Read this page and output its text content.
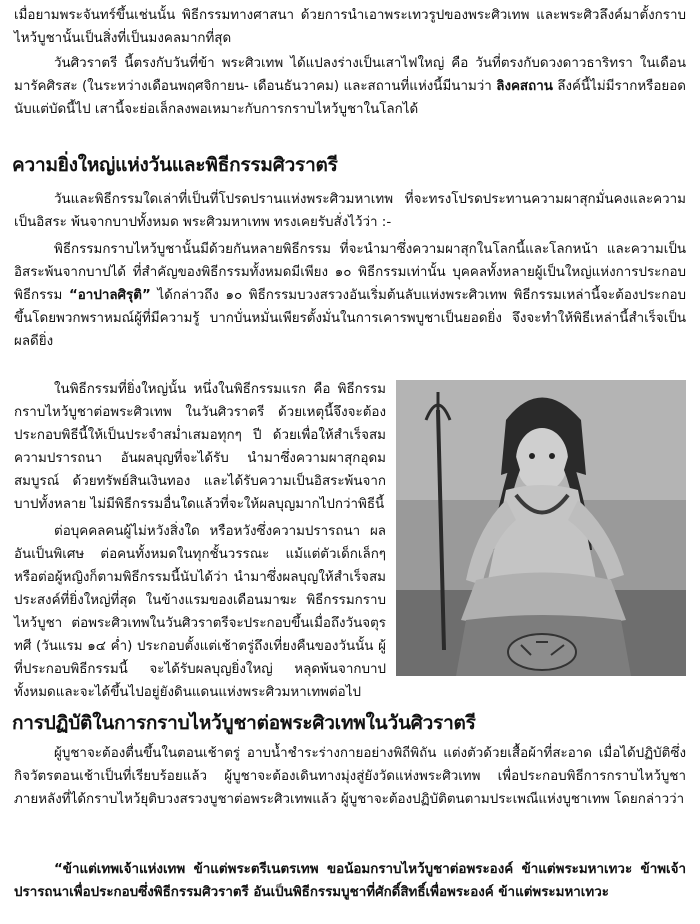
เมื่อยามพระจันทร์ขึ้นเช่นนั้น พิธีกรรมทางศาสนา ด้วยการนำเอาพระเทวรูปของพระศิวเทพ และพระศิวลึงค์มาตั้งกราบไหว้บูชานั้นเป็นสิ่งที่เป็นมงคลมากที่สุด

วันศิวราตรี นี้ตรงกับวันที่ข้า พระศิวเทพ ได้แปลงร่างเป็นเสาไฟใหญ่ คือ วันที่ตรงกับดวงดาวธาริทรา ในเดือนมารัคศิรสะ (ในระหว่างเดือนพฤศจิกายน- เดือนธันวาคม) และสถานที่แห่งนี้มีนามว่า ลิงคสถาน ลึงค์นี้ไม่มีรากหรือยอด นับแต่บัดนี้ไป เสานี้จะย่อเล็กลงพอเหมาะกับการกราบไหว้บูชาในโลกได้

ความยิ่งใหญ่แห่งวันและพิธีกรรมศิวราตรี

วันและพิธีกรรมใดเล่าที่เป็นที่โปรดปรานแห่งพระศิวมหาเทพ ที่จะทรงโปรดประทานความผาสุกมั่นคงและความเป็นอิสระ พ้นจากบาปทั้งหมด พระศิวมหาเทพ ทรงเคยรับสั่งไว้ว่า :-

พิธีกรรมกราบไหว้บูชานั้นมีด้วยกันหลายพิธีกรรม ที่จะนำมาซึ่งความผาสุกในโลกนี้และโลกหน้า และความเป็นอิสระพ้นจากบาปได้ ที่สำคัญของพิธีกรรมทั้งหมดมีเพียง ๑๐ พิธีกรรมเท่านั้น บุคคลทั้งหลายผู้เป็นใหญ่แห่งการประกอบพิธีกรรม “อาปาลศิรุติ” ได้กล่าวถึง ๑๐ พิธีกรรมบวงสรวงอันเริ่มต้นลับแห่งพระศิวเทพ พิธีกรรมเหล่านี้จะต้องประกอบขึ้นโดยพวกพราหมณ์ผู้ที่มีความรู้ บากบั่นหมั่นเพียรตั้งมั่นในการเคารพบูชาเป็นยอดยิ่ง จึงจะทำให้พิธีเหล่านี้สำเร็จเป็นผลดียิ่ง

ในพิธีกรรมที่ยิ่งใหญ่นั้น หนึ่งในพิธีกรรมแรก คือ พิธีกรรมกราบไหว้บูชาต่อพระศิวเทพ ในวันศิวราตรี ด้วยเหตุนี้จึงจะต้องประกอบพิธีนี้ให้เป็นประจำสม่ำเสมอทุกๆ ปี ด้วยเพื่อให้สำเร็จสมความปรารถนา อันผลบุญที่จะได้รับ นำมาซึ่งความผาสุกอุดมสมบูรณ์ ด้วยทรัพย์สินเงินทอง และได้รับความเป็นอิสระพ้นจากบาปทั้งหลาย ไม่มีพิธีกรรมอื่นใดแล้วที่จะให้ผลบุญมากไปกว่าพิธีนี้

ต่อบุคคลคนผู้ไม่หวังสิ่งใด หรือหวังซึ่งความปรารถนา ผลอันเป็นพิเศษ ต่อคนทั้งหมดในทุกชั้นวรรณะ แม้แต่ตัวเด็กเล็กๆ หรือต่อผู้หญิงก็ตามพิธีกรรมนี้นับได้ว่า นำมาซึ่งผลบุญให้สำเร็จสมประสงค์ที่ยิ่งใหญ่ที่สุด ในข้างแรมของเดือนมาฆะ พิธีกรรมกราบไหว้บูชา ต่อพระศิวเทพในวันศิวราตรีจะประกอบขึ้นเมื่อถึงวันจตุรทศี (วันแรม ๑๔ ค่ำ) ประกอบตั้งแต่เช้าตรู่ถึงเที่ยงคืนของวันนั้น ผู้ที่ประกอบพิธีกรรมนี้ จะได้รับผลบุญยิ่งใหญ่ หลุดพ้นจากบาปทั้งหมดและจะได้ขึ้นไปอยู่ยังดินแดนแห่งพระศิวมหาเทพต่อไป

การปฏิบัติในการกราบไหว้บูชาต่อพระศิวเทพในวันศิวราตรี

ผู้บูชาจะต้องตื่นขึ้นในตอนเช้าตรู่ อาบน้ำชำระร่างกายอย่างพิถีพิถัน แต่งตัวด้วยเสื้อผ้าที่สะอาด เมื่อได้ปฏิบัติซึ่งกิจวัตรตอนเช้าเป็นที่เรียบร้อยแล้ว ผู้บูชาจะต้องเดินทางมุ่งสู่ยังวัดแห่งพระศิวเทพ เพื่อประกอบพิธีการกราบไหว้บูชา ภายหลังที่ได้กราบไหว้ยุติบวงสรวงบูชาต่อพระศิวเทพแล้ว ผู้บูชาจะต้องปฏิบัติตนตามประเพณีแห่งบูชาเทพ โดยกล่าวว่า

“ข้าแต่เทพเจ้าแห่งเทพ ข้าแต่พระตรีเนตรเทพ ขอน้อมกราบไหว้บูชาต่อพระองค์ ข้าแต่พระมหาเทวะ ข้าพเจ้าปรารถนาเพื่อประกอบซึ่งพิธีกรรมศิวราตรี อันเป็นพิธีกรรมบูชาที่ศักดิ์สิทธิ์เพื่อพระองค์ ข้าแต่พระมหาเทวะ
